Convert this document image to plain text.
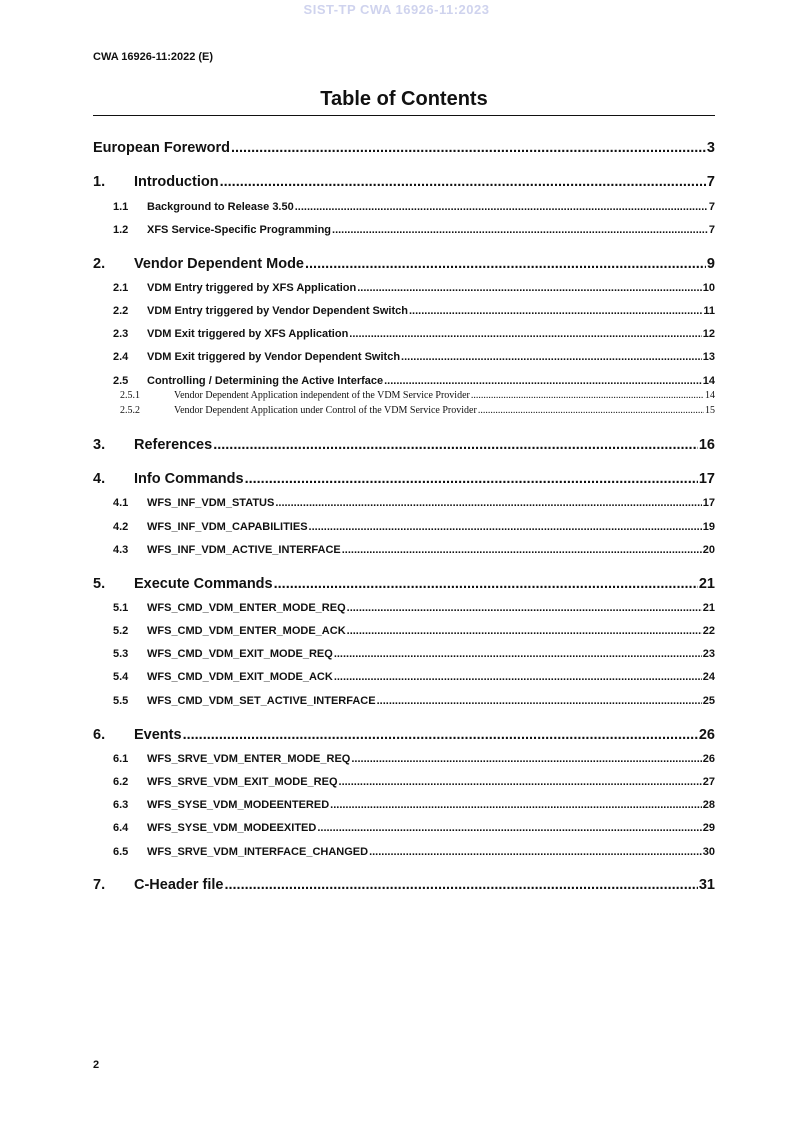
SIST-TP CWA 16926-11:2023
CWA 16926-11:2022 (E)
Table of Contents
European Foreword .....	3
1.	Introduction .....	7
1.1	Background to Release 3.50 .....	7
1.2	XFS Service-Specific Programming .....	7
2.	Vendor Dependent Mode .....	9
2.1	VDM Entry triggered by XFS Application .....	10
2.2	VDM Entry triggered by Vendor Dependent Switch .....	11
2.3	VDM Exit triggered by XFS Application .....	12
2.4	VDM Exit triggered by Vendor Dependent Switch .....	13
2.5	Controlling / Determining the Active Interface .....	14
2.5.1	Vendor Dependent Application independent of the VDM Service Provider .....	14
2.5.2	Vendor Dependent Application under Control of the VDM Service Provider .....	15
3.	References .....	16
4.	Info Commands .....	17
4.1	WFS_INF_VDM_STATUS .....	17
4.2	WFS_INF_VDM_CAPABILITIES .....	19
4.3	WFS_INF_VDM_ACTIVE_INTERFACE .....	20
5.	Execute Commands .....	21
5.1	WFS_CMD_VDM_ENTER_MODE_REQ .....	21
5.2	WFS_CMD_VDM_ENTER_MODE_ACK .....	22
5.3	WFS_CMD_VDM_EXIT_MODE_REQ .....	23
5.4	WFS_CMD_VDM_EXIT_MODE_ACK .....	24
5.5	WFS_CMD_VDM_SET_ACTIVE_INTERFACE .....	25
6.	Events .....	26
6.1	WFS_SRVE_VDM_ENTER_MODE_REQ .....	26
6.2	WFS_SRVE_VDM_EXIT_MODE_REQ .....	27
6.3	WFS_SYSE_VDM_MODEENTERED .....	28
6.4	WFS_SYSE_VDM_MODEEXITED .....	29
6.5	WFS_SRVE_VDM_INTERFACE_CHANGED .....	30
7.	C-Header file .....	31
2
